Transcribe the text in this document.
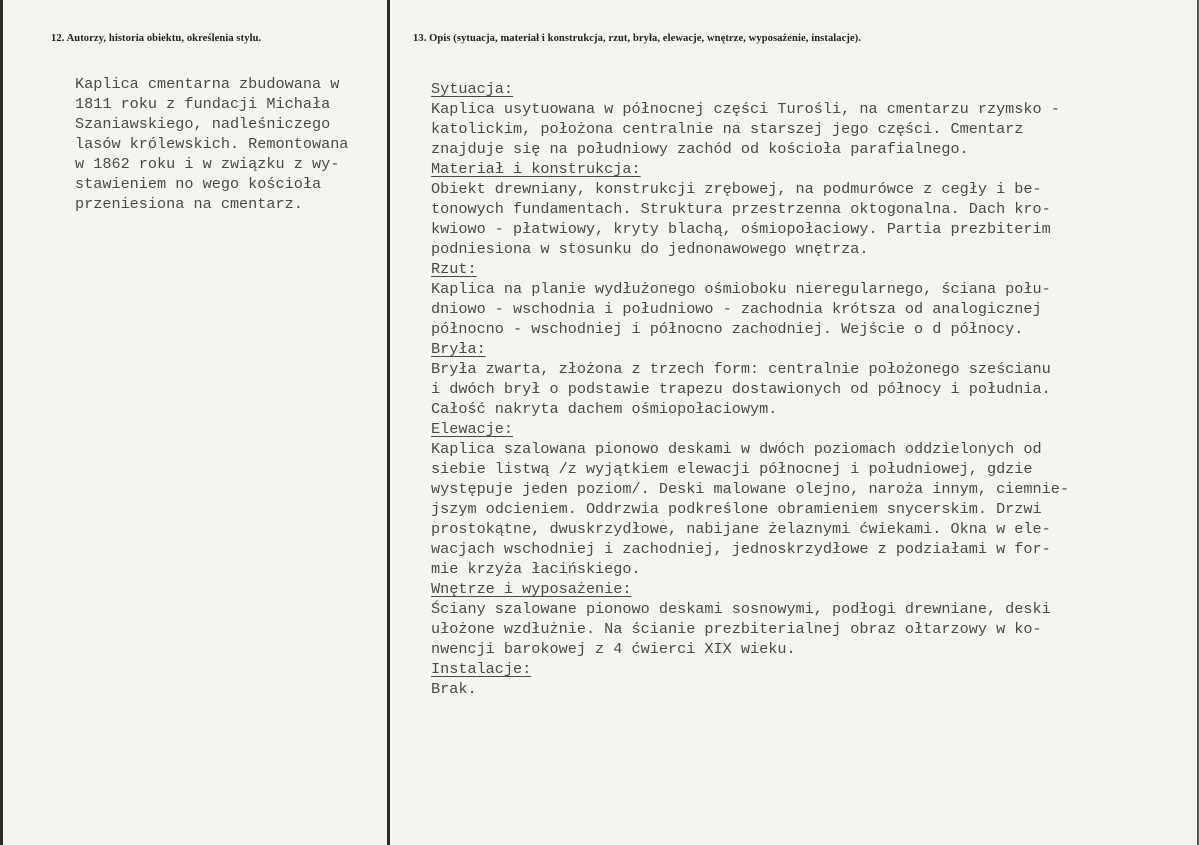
12. Autorzy, historia obiektu, określenia stylu.	13. Opis (sytuacja, materiał i konstrukcja, rzut, bryła, elewacje, wnętrze, wyposażenie, instalacje).
Kaplica cmentarna zbudowana w
1811 roku z fundacji Michała
Szaniawskiego, nadleśniczego
lasów królewskich. Remontowana
w 1862 roku i w związku z wy-
stawieniem no wego kościoła
przeniesiona na cmentarz.
Sytuacja:
Kaplica usytuowana w północnej części Turośli, na cmentarzu rzymsko -
katolickim, położona centralnie na starszej jego części. Cmentarz
znajduje się na południowy zachód od kościoła parafialnego.
Materiał i konstrukcja:
Obiekt drewniany, konstrukcji zrębowej, na podmurówce z cegły i be-
tonowych fundamentach. Struktura przestrzenna oktogonalna. Dach kro-
kwiowo - płatwiowy, kryty blachą, ośmiopołaciowy. Partia prezbiterim
podniesiona w stosunku do jednonawowego wnętrza.
Rzut:
Kaplica na planie wydłużonego ośmioboku nieregularnego, ściana połu-
dniowo - wschodnia i południowo - zachodnia krótsza od analogicznej
północno - wschodniej i północno zachodniej. Wejście o d północy.
Bryła:
Bryła zwarta, złożona z trzech form: centralnie położonego sześcianu
i dwóch brył o podstawie trapezu dostawionych od północy i południa.
Całość nakryta dachem ośmiopołaciowym.
Elewacje:
Kaplica szalowana pionowo deskami w dwóch poziomach oddzielonych od
siebie listwą /z wyjątkiem elewacji północnej i południowej, gdzie
występuje jeden poziom/. Deski malowane olejno, naroża innym, ciemnie-
jszym odcieniem. Oddrzwia podkreślone obramieniem snycerskim. Drzwi
prostokątne, dwuskrzydłowe, nabijane żelaznymi ćwiekami. Okna w ele-
wacjach wschodniej i zachodniej, jednoskrzydłowe z podziałami w for-
mie krzyża łacińskiego.
Wnętrze i wyposażenie:
Ściany szalowane pionowo deskami sosnowymi, podłogi drewniane, deski
ułożone wzdłużnie. Na ścianie prezbiterialnej obraz ołtarzowy w ko-
nwencji barokowej z 4 ćwierci XIX wieku.
Instalacje:
Brak.
